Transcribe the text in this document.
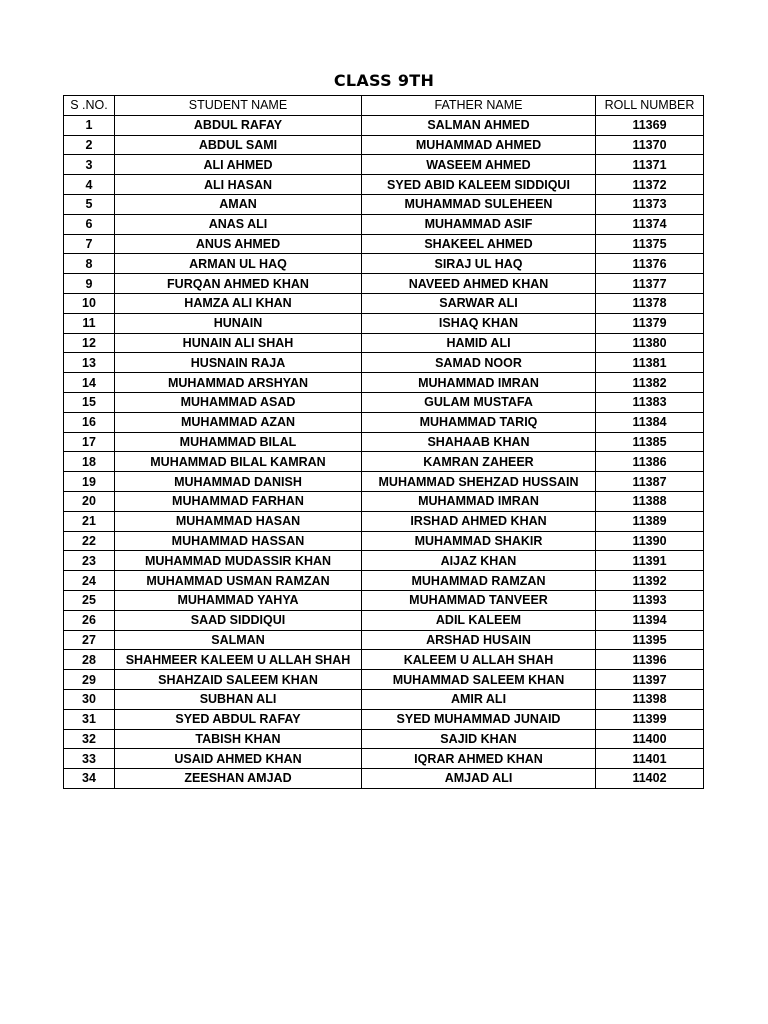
CLASS 9TH
S .NO.	STUDENT NAME	FATHER NAME	ROLL NUMBER
1	ABDUL RAFAY	SALMAN AHMED	11369
2	ABDUL SAMI	MUHAMMAD AHMED	11370
3	ALI AHMED	WASEEM AHMED	11371
4	ALI HASAN	SYED ABID KALEEM SIDDIQUI	11372
5	AMAN	MUHAMMAD SULEHEEN	11373
6	ANAS ALI	MUHAMMAD ASIF	11374
7	ANUS AHMED	SHAKEEL AHMED	11375
8	ARMAN UL HAQ	SIRAJ UL HAQ	11376
9	FURQAN AHMED KHAN	NAVEED AHMED KHAN	11377
10	HAMZA ALI KHAN	SARWAR ALI	11378
11	HUNAIN	ISHAQ KHAN	11379
12	HUNAIN ALI SHAH	HAMID ALI	11380
13	HUSNAIN RAJA	SAMAD NOOR	11381
14	MUHAMMAD ARSHYAN	MUHAMMAD IMRAN	11382
15	MUHAMMAD ASAD	GULAM MUSTAFA	11383
16	MUHAMMAD AZAN	MUHAMMAD TARIQ	11384
17	MUHAMMAD BILAL	SHAHAAB KHAN	11385
18	MUHAMMAD BILAL KAMRAN	KAMRAN ZAHEER	11386
19	MUHAMMAD DANISH	MUHAMMAD SHEHZAD HUSSAIN	11387
20	MUHAMMAD FARHAN	MUHAMMAD IMRAN	11388
21	MUHAMMAD HASAN	IRSHAD AHMED KHAN	11389
22	MUHAMMAD HASSAN	MUHAMMAD SHAKIR	11390
23	MUHAMMAD MUDASSIR KHAN	AIJAZ KHAN	11391
24	MUHAMMAD USMAN RAMZAN	MUHAMMAD RAMZAN	11392
25	MUHAMMAD YAHYA	MUHAMMAD TANVEER	11393
26	SAAD SIDDIQUI	ADIL KALEEM	11394
27	SALMAN	ARSHAD HUSAIN	11395
28	SHAHMEER KALEEM U ALLAH SHAH	KALEEM U ALLAH SHAH	11396
29	SHAHZAID SALEEM KHAN	MUHAMMAD SALEEM KHAN	11397
30	SUBHAN ALI	AMIR ALI	11398
31	SYED ABDUL RAFAY	SYED MUHAMMAD JUNAID	11399
32	TABISH KHAN	SAJID KHAN	11400
33	USAID AHMED KHAN	IQRAR AHMED KHAN	11401
34	ZEESHAN AMJAD	AMJAD ALI	11402
